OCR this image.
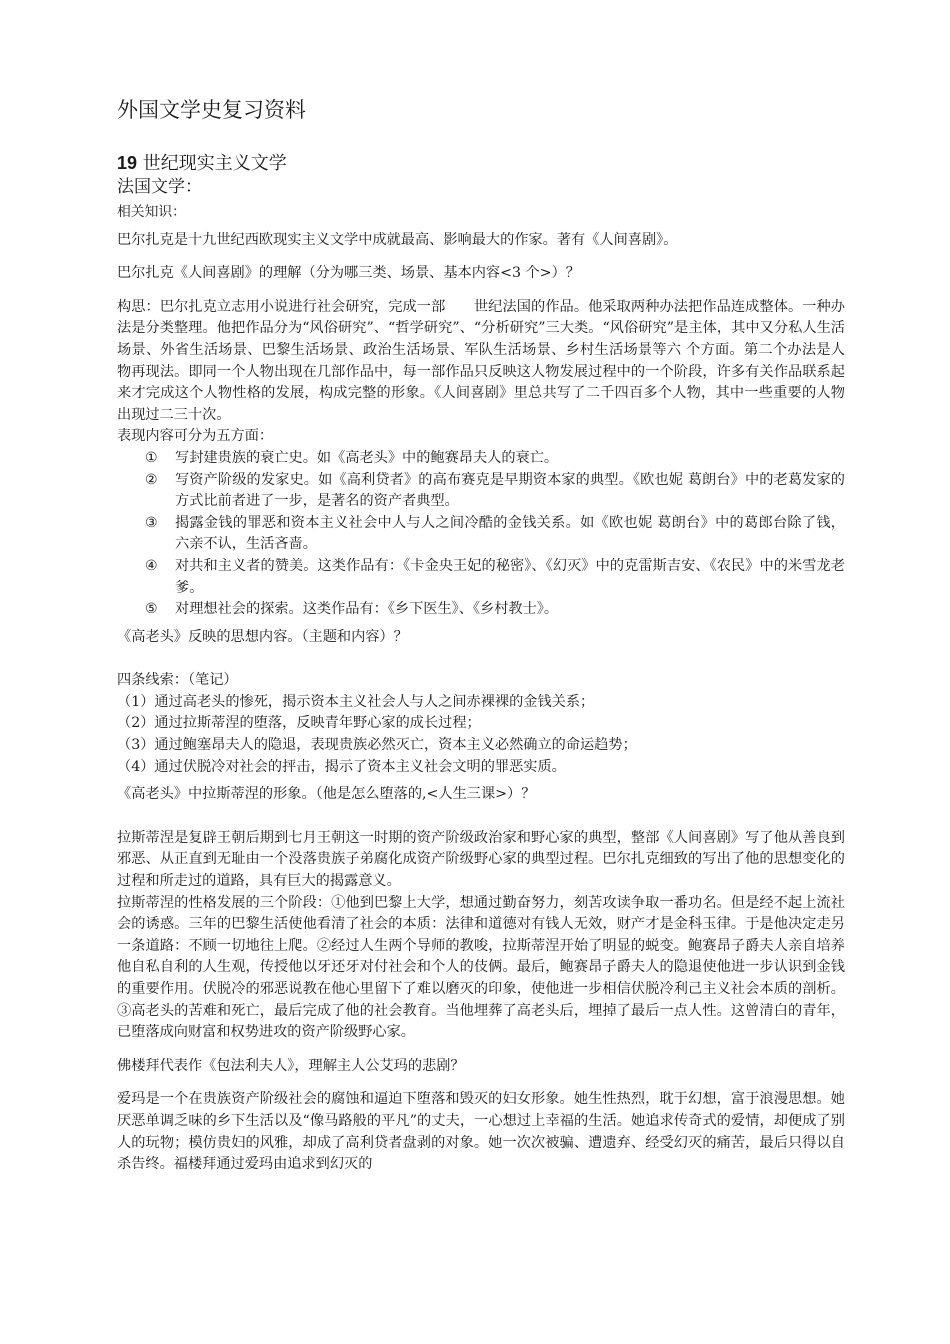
外国文学史复习资料
19 世纪现实主义文学
法国文学：

相关知识：

巴尔扎克是十九世纪西欧现实主义文学中成就最高、影响最大的作家。著有《人间喜剧》。

巴尔扎克《人间喜剧》的理解（分为哪三类、场景、基本内容<3 个>）？

构思：巴尔扎克立志用小说进行社会研究，完成一部　　世纪法国的作品。他采取两种办法把作品连成整体。一种办法是分类整理。他把作品分为“风俗研究”、“哲学研究”、“分析研究”三大类。“风俗研究”是主体，其中又分私人生活场景、外省生活场景、巴黎生活场景、政治生活场景、军队生活场景、乡村生活场景等六 个方面。第二个办法是人物再现法。即同一个人物出现在几部作品中，每一部作品只反映这人物发展过程中的一个阶段，许多有关作品联系起来才完成这个人物性格的发展，构成完整的形象。《人间喜剧》里总共写了二千四百多个人物，其中一些重要的人物出现过二三十次。

表现内容可分为五方面：

①	写封建贵族的衰亡史。如《高老头》中的鲍赛昂夫人的衰亡。
②	写资产阶级的发家史。如《高利贷者》的高布赛克是早期资本家的典型。《欧也妮 葛朗台》中的老葛发家的方式比前者进了一步，是著名的资产者典型。
③	揭露金钱的罪恶和资本主义社会中人与人之间冷酷的金钱关系。如《欧也妮 葛朗台》中的葛郎台除了钱，六亲不认，生活吝啬。
④	对共和主义者的赞美。这类作品有：《卡金央王妃的秘密》、《幻灭》中的克雷斯吉安、《农民》中的米雪龙老爹。
⑤	对理想社会的探索。这类作品有：《乡下医生》、《乡村教士》。

《高老头》反映的思想内容。（主题和内容）？

四条线索：（笔记）

（1）通过高老头的惨死，揭示资本主义社会人与人之间赤裸裸的金钱关系；
（2）通过拉斯蒂涅的堕落，反映青年野心家的成长过程；
（3）通过鲍塞昂夫人的隐退，表现贵族必然灭亡，资本主义必然确立的命运趋势；
（4）通过伏脱冷对社会的抨击，揭示了资本主义社会文明的罪恶实质。

《高老头》中拉斯蒂涅的形象。（他是怎么堕落的,<人生三课>）？

拉斯蒂涅是复辟王朝后期到七月王朝这一时期的资产阶级政治家和野心家的典型，整部《人间喜剧》写了他从善良到邪恶、从正直到无耻由一个没落贵族子弟腐化成资产阶级野心家的典型过程。巴尔扎克细致的写出了他的思想变化的过程和所走过的道路，具有巨大的揭露意义。

拉斯蒂涅的性格发展的三个阶段：①他到巴黎上大学，想通过勤奋努力，刻苦攻读争取一番功名。但是经不起上流社会的诱惑。三年的巴黎生活使他看清了社会的本质：法律和道德对有钱人无效，财产才是金科玉律。于是他决定走另一条道路：不顾一切地往上爬。②经过人生两个导师的教唆，拉斯蒂涅开始了明显的蜕变。鲍赛昂子爵夫人亲自培养他自私自利的人生观，传授他以牙还牙对付社会和个人的伎俩。最后，鲍赛昂子爵夫人的隐退使他进一步认识到金钱的重要作用。伏脱冷的邪恶说教在他心里留下了难以磨灭的印象，使他进一步相信伏脱冷利己主义社会本质的剖析。③高老头的苦难和死亡，最后完成了他的社会教育。当他埋葬了高老头后，埋掉了最后一点人性。这曾清白的青年，已堕落成向财富和权势进攻的资产阶级野心家。

佛楼拜代表作《包法利夫人》，理解主人公艾玛的悲剧？

爱玛是一个在贵族资产阶级社会的腐蚀和逼迫下堕落和毁灭的妇女形象。她生性热烈，耽于幻想，富于浪漫思想。她厌恶单调乏味的乡下生活以及“像马路般的平凡”的丈夫，一心想过上幸福的生活。她追求传奇式的爱情，却便成了别人的玩物；模仿贵妇的风雅，却成了高利贷者盘剥的对象。她一次次被骗、遭遗弃、经受幻灭的痛苦，最后只得以自杀告终。福楼拜通过爱玛由追求到幻灭的
